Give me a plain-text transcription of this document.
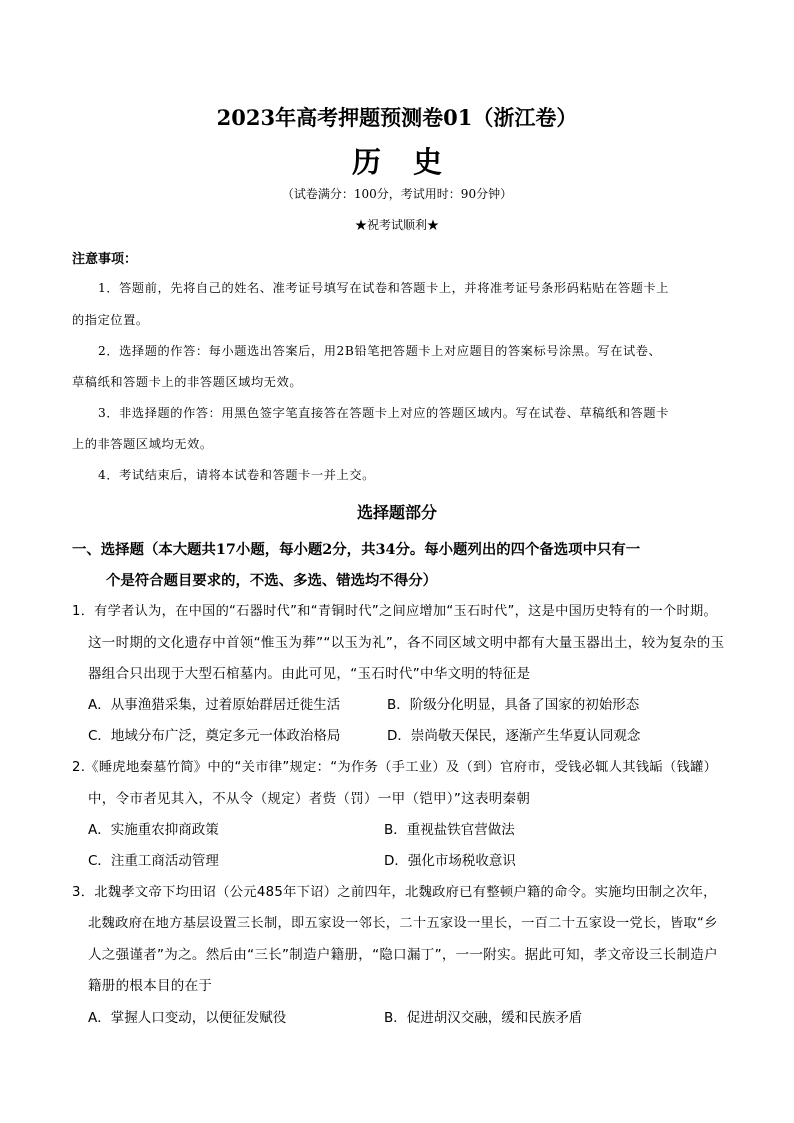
2023年高考押题预测卷01（浙江卷）
历 史
（试卷满分：100分，考试用时：90分钟）
★祝考试顺利★
注意事项：
1．答题前，先将自己的姓名、准考证号填写在试卷和答题卡上，并将准考证号条形码粘贴在答题卡上
的指定位置。
2．选择题的作答：每小题选出答案后，用2B铅笔把答题卡上对应题目的答案标号涂黑。写在试卷、
草稿纸和答题卡上的非答题区域均无效。
3．非选择题的作答：用黑色签字笔直接答在答题卡上对应的答题区域内。写在试卷、草稿纸和答题卡
上的非答题区域均无效。
4．考试结束后，请将本试卷和答题卡一并上交。
选择题部分
一、选择题（本大题共17小题，每小题2分，共34分。每小题列出的四个备选项中只有一
个是符合题目要求的，不选、多选、错选均不得分）
1．有学者认为，在中国的“石器时代”和“青铜时代”之间应增加“玉石时代”，这是中国历史特有的一个时期。
这一时期的文化遗存中首领“惟玉为葬”“以玉为礼”，各不同区域文明中都有大量玉器出土，较为复杂的玉
器组合只出现于大型石棺墓内。由此可见，“玉石时代”中华文明的特征是
A．从事渔猎采集，过着原始群居迁徙生活	B．阶级分化明显，具备了国家的初始形态
C．地域分布广泛，奠定多元一体政治格局	D．崇尚敬天保民，逐渐产生华夏认同观念
2.《睡虎地秦墓竹简》中的“关市律”规定：“为作务（手工业）及（到）官府市，受钱必辄人其钱缿（钱罐）
中，令市者见其入，不从令（规定）者赀（罚）一甲（铠甲）”这表明秦朝
A．实施重农抑商政策	B．重视盐铁官营做法
C．注重工商活动管理	D．强化市场税收意识
3．北魏孝文帝下均田诏（公元485年下诏）之前四年，北魏政府已有整顿户籍的命令。实施均田制之次年，
北魏政府在地方基层设置三长制，即五家设一邻长，二十五家设一里长，一百二十五家设一党长，皆取“乡
人之强谨者”为之。然后由“三长”制造户籍册，“隐口漏丁”，一一附实。据此可知，孝文帝设三长制造户
籍册的根本目的在于
A．掌握人口变动，以便征发赋役	B．促进胡汉交融，缓和民族矛盾
